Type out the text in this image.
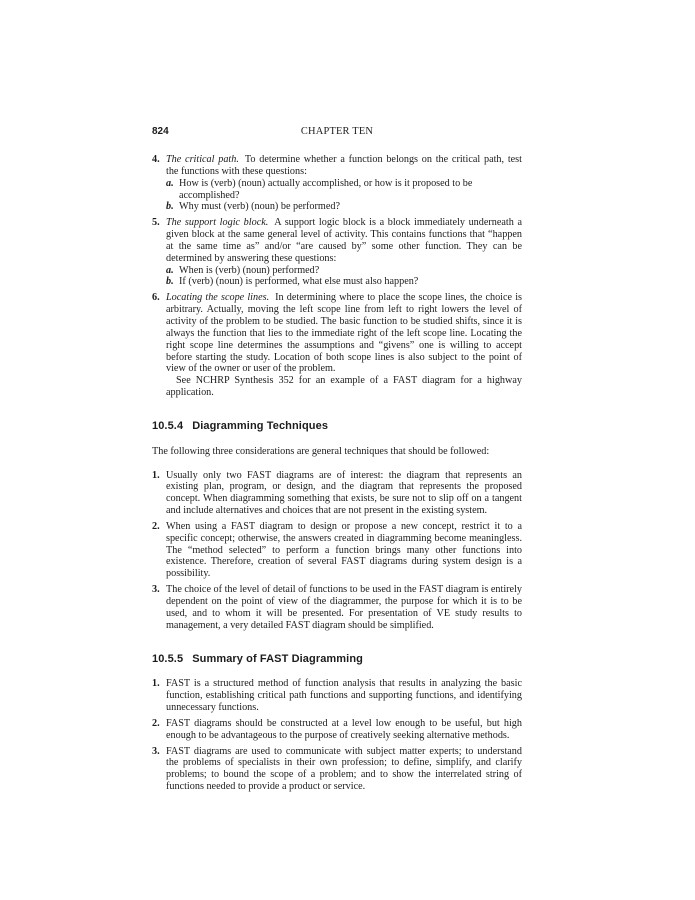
824	CHAPTER TEN
4. The critical path. To determine whether a function belongs on the critical path, test the functions with these questions:
a. How is (verb) (noun) actually accomplished, or how is it proposed to be accomplished?
b. Why must (verb) (noun) be performed?
5. The support logic block. A support logic block is a block immediately underneath a given block at the same general level of activity. This contains functions that “happen at the same time as” and/or “are caused by” some other function. They can be determined by answering these questions:
a. When is (verb) (noun) performed?
b. If (verb) (noun) is performed, what else must also happen?
6. Locating the scope lines. In determining where to place the scope lines, the choice is arbitrary. Actually, moving the left scope line from left to right lowers the level of activity of the problem to be studied. The basic function to be studied shifts, since it is always the function that lies to the immediate right of the left scope line. Locating the right scope line determines the assumptions and “givens” one is willing to accept before starting the study. Location of both scope lines is also subject to the point of view of the owner or user of the problem.

See NCHRP Synthesis 352 for an example of a FAST diagram for a highway application.

10.5.4 Diagramming Techniques

The following three considerations are general techniques that should be followed:

1. Usually only two FAST diagrams are of interest: the diagram that represents an existing plan, program, or design, and the diagram that represents the proposed concept. When diagramming something that exists, be sure not to slip off on a tangent and include alternatives and choices that are not present in the existing system.
2. When using a FAST diagram to design or propose a new concept, restrict it to a specific concept; otherwise, the answers created in diagramming become meaningless. The “method selected” to perform a function brings many other functions into existence. Therefore, creation of several FAST diagrams during system design is a possibility.
3. The choice of the level of detail of functions to be used in the FAST diagram is entirely dependent on the point of view of the diagrammer, the purpose for which it is to be used, and to whom it will be presented. For presentation of VE study results to management, a very detailed FAST diagram should be simplified.
10.5.5 Summary of FAST Diagramming
1. FAST is a structured method of function analysis that results in analyzing the basic function, establishing critical path functions and supporting functions, and identifying unnecessary functions.
2. FAST diagrams should be constructed at a level low enough to be useful, but high enough to be advantageous to the purpose of creatively seeking alternative methods.
3. FAST diagrams are used to communicate with subject matter experts; to understand the problems of specialists in their own profession; to define, simplify, and clarify problems; to bound the scope of a problem; and to show the interrelated string of functions needed to provide a product or service.
